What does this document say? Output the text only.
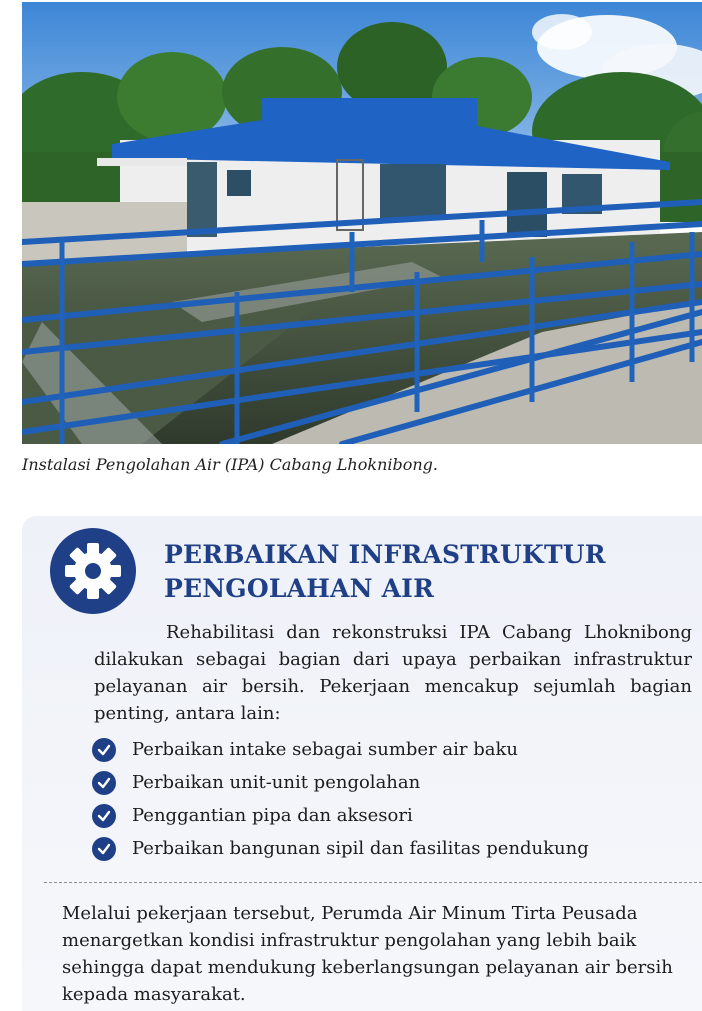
Instalasi Pengolahan Air (IPA) Cabang Lhoknibong.
PERBAIKAN INFRASTRUKTUR
PENGOLAHAN AIR
Rehabilitasi dan rekonstruksi IPA Cabang Lhoknibong dilakukan sebagai bagian dari upaya perbaikan infrastruktur pelayanan air bersih. Pekerjaan mencakup sejumlah bagian penting, antara lain:
Perbaikan intake sebagai sumber air baku
Perbaikan unit-unit pengolahan
Penggantian pipa dan aksesori
Perbaikan bangunan sipil dan fasilitas pendukung
Melalui pekerjaan tersebut, Perumda Air Minum Tirta Peusada menargetkan kondisi infrastruktur pengolahan yang lebih baik sehingga dapat mendukung keberlangsungan pelayanan air bersih kepada masyarakat.
